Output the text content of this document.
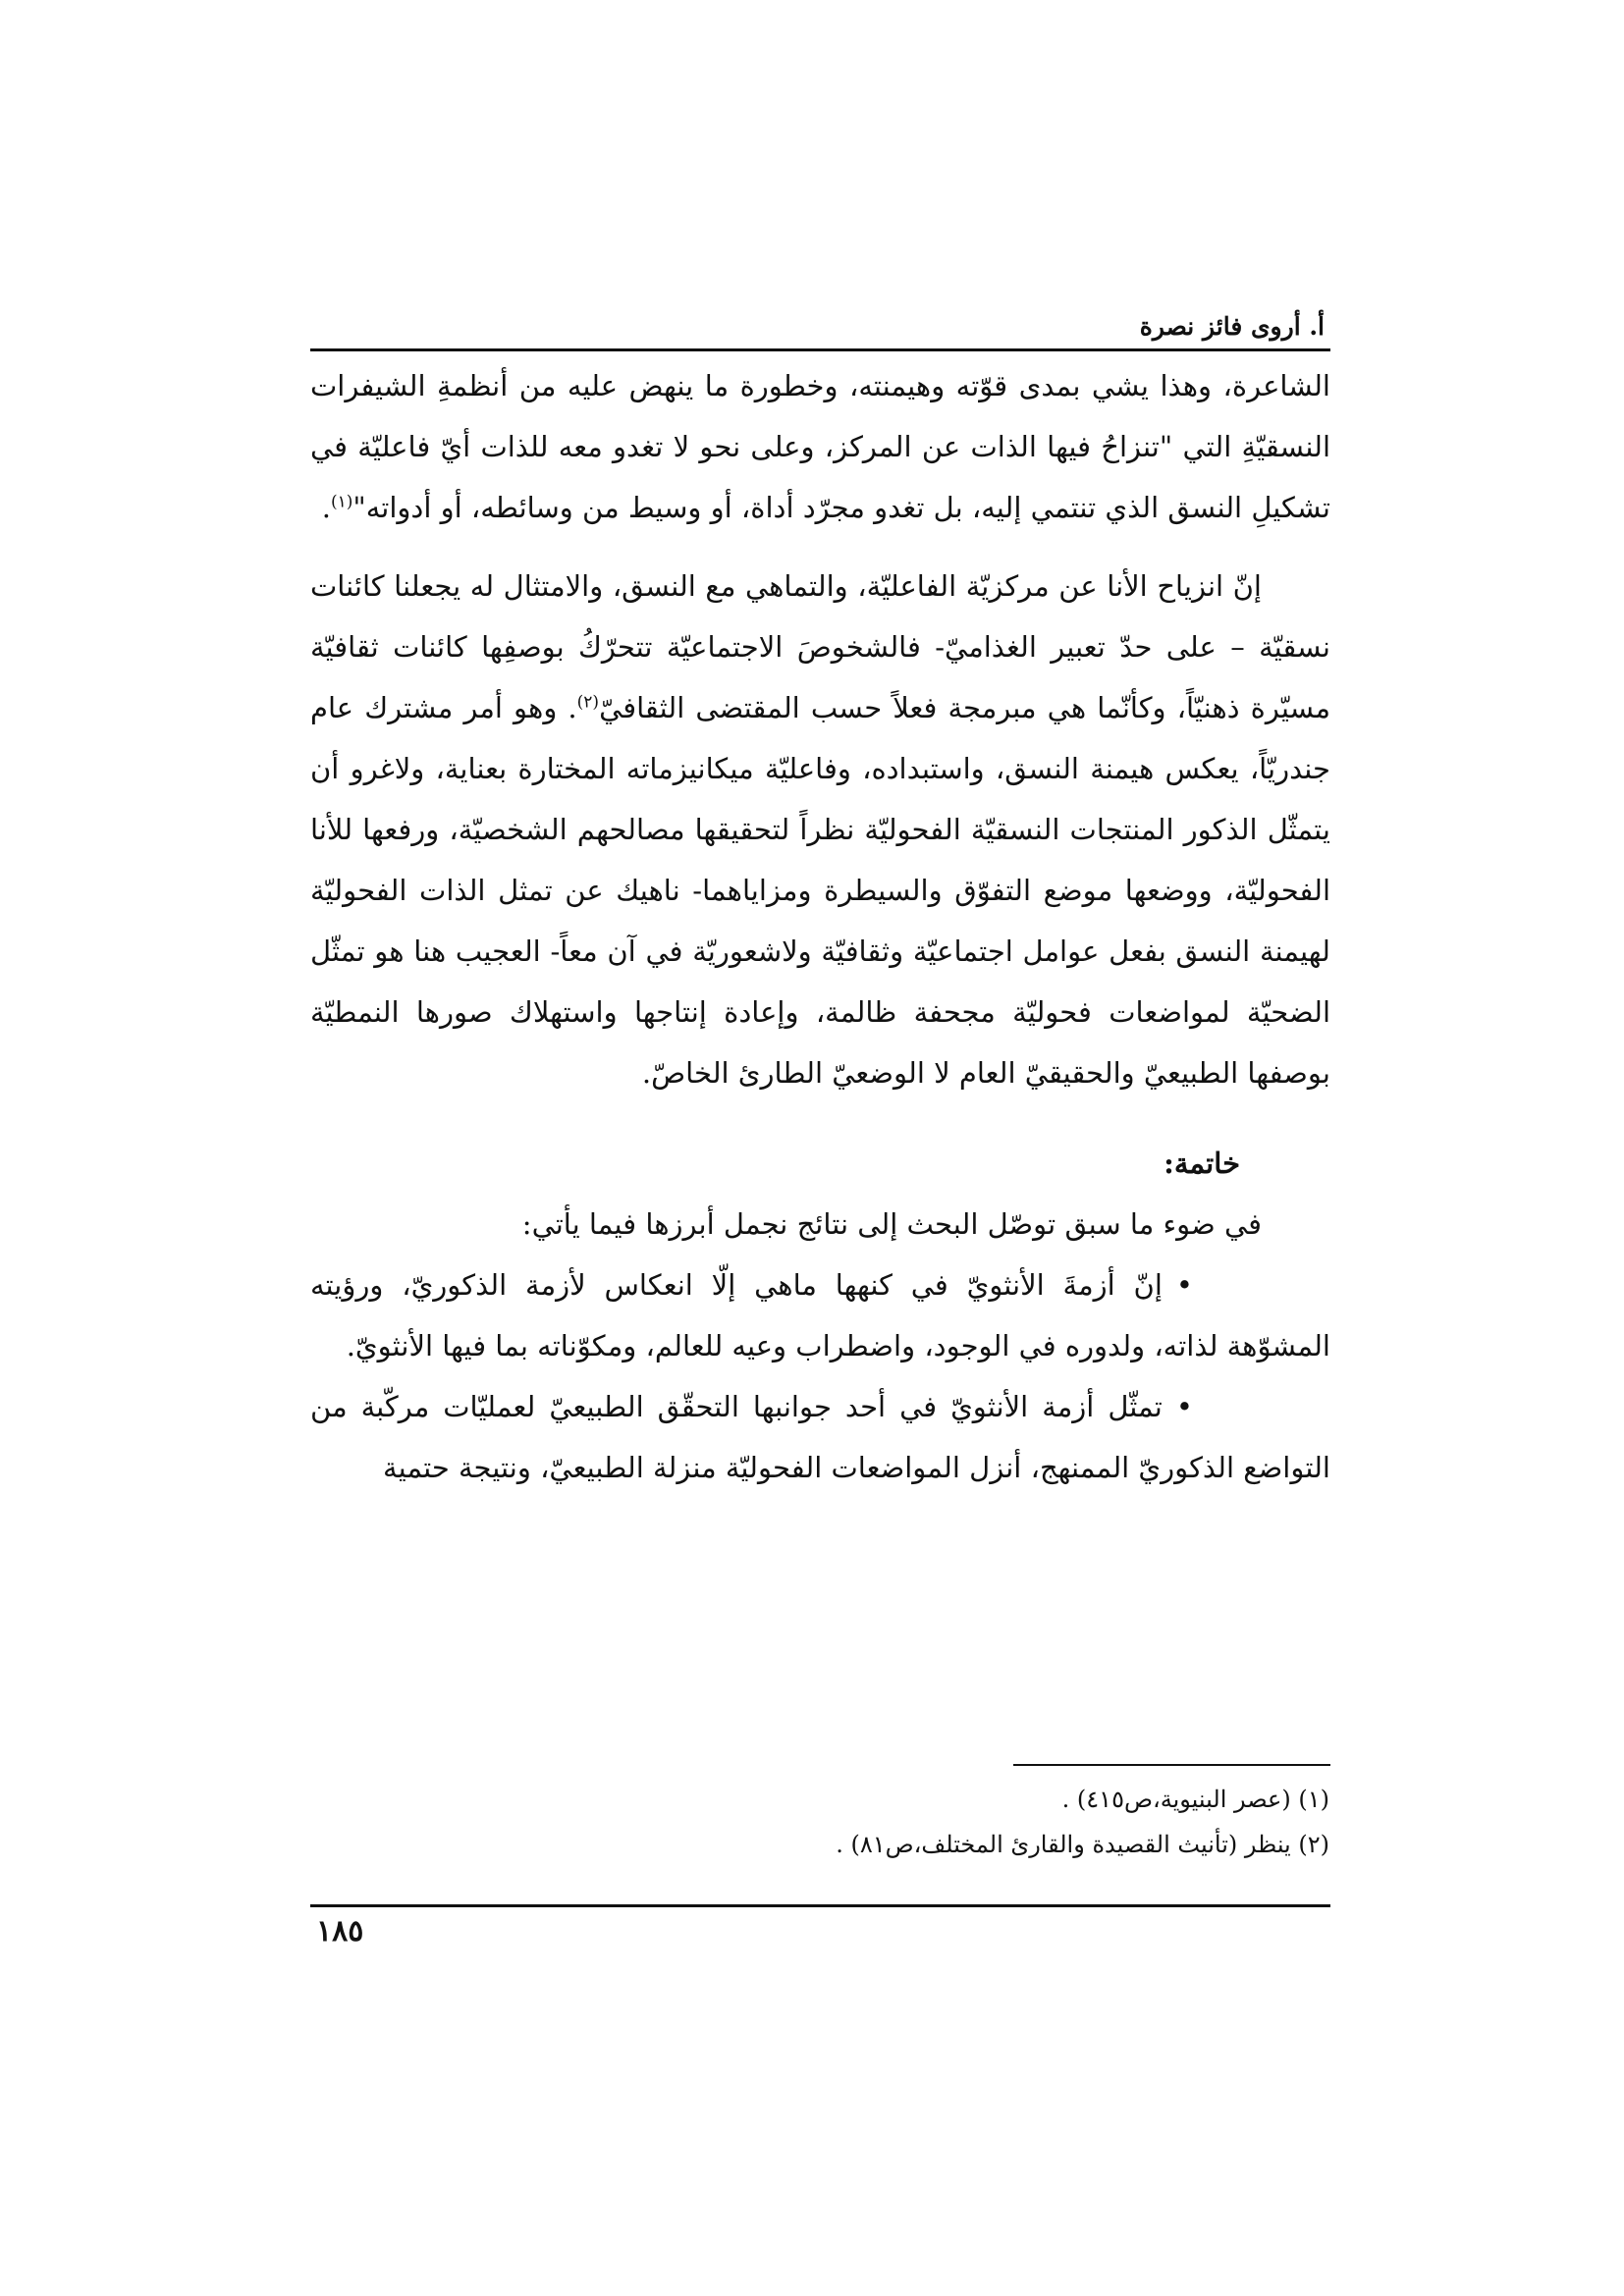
أ. أروى فائز نصرة

الشاعرة، وهذا يشي بمدى قوّته وهيمنته، وخطورة ما ينهض عليه من أنظمةِ الشيفرات النسقيّةِ التي "تنزاحُ فيها الذات عن المركز، وعلى نحو لا تغدو معه للذات أيّ فاعليّة في تشكيلِ النسق الذي تنتمي إليه، بل تغدو مجرّد أداة، أو وسيط من وسائطه، أو أدواته"$^{(١)}$.

إنّ انزياح الأنا عن مركزيّة الفاعليّة، والتماهي مع النسق، والامتثال له يجعلنا كائنات نسقيّة – على حدّ تعبير الغذاميّ- فالشخوصَ الاجتماعيّة تتحرّكُ بوصفِها كائنات ثقافيّة مسيّرة ذهنيّاً، وكأنّما هي مبرمجة فعلاً حسب المقتضى الثقافيّ$^{(٢)}$. وهو أمر مشترك عام جندريّاً، يعكس هيمنة النسق، واستبداده، وفاعليّة ميكانيزماته المختارة بعناية، ولاغرو أن يتمثّل الذكور المنتجات النسقيّة الفحوليّة نظراً لتحقيقها مصالحهم الشخصيّة، ورفعها للأنا الفحوليّة، ووضعها موضع التفوّق والسيطرة ومزاياهما- ناهيك عن تمثل الذات الفحوليّة لهيمنة النسق بفعل عوامل اجتماعيّة وثقافيّة ولاشعوريّة في آن معاً- العجيب هنا هو تمثّل الضحيّة لمواضعات فحوليّة مجحفة ظالمة، وإعادة إنتاجها واستهلاك صورها النمطيّة بوصفها الطبيعيّ والحقيقيّ العام لا الوضعيّ الطارئ الخاصّ.

خاتمة:

في ضوء ما سبق توصّل البحث إلى نتائج نجمل أبرزها فيما يأتي:

•إنّ أزمةَ الأنثويّ في كنهها ماهي إلّا انعكاس لأزمة الذكوريّ، ورؤيته المشوّهة لذاته، ولدوره في الوجود، واضطراب وعيه للعالم، ومكوّناته بما فيها الأنثويّ.

•تمثّل أزمة الأنثويّ في أحد جوانبها التحقّق الطبيعيّ لعمليّات مركّبة من التواضع الذكوريّ الممنهج، أنزل المواضعات الفحوليّة منزلة الطبيعيّ، ونتيجة حتمية

(١) (عصر البنيوية،ص٤١٥) .
(٢) ينظر (تأنيث القصيدة والقارئ المختلف،ص٨١) .
١٨٥
